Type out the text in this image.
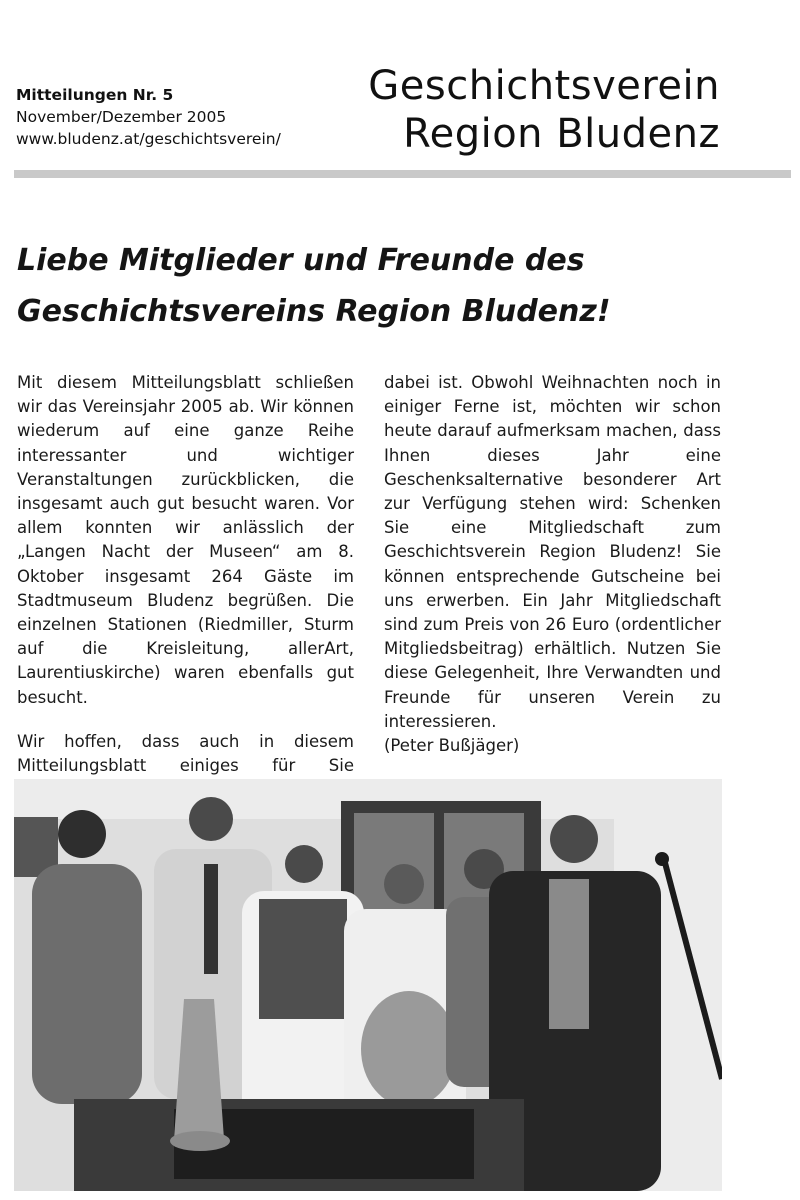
Mitteilungen Nr. 5
November/Dezember 2005
www.bludenz.at/geschichtsverein/
Geschichtsverein
Region Bludenz
Liebe Mitglieder und Freunde des
Geschichtsvereins Region Bludenz!

Mit diesem Mitteilungsblatt schließen wir das Vereinsjahr 2005 ab. Wir können wiederum auf eine ganze Reihe interessanter und wichtiger Veranstaltungen zurückblicken, die insgesamt auch gut besucht waren. Vor allem konnten wir anlässlich der „Langen Nacht der Museen“ am 8. Oktober insgesamt 264 Gäste im Stadtmuseum Bludenz begrüßen. Die einzelnen Stationen (Riedmiller, Sturm auf die Kreisleitung, allerArt, Laurentiuskirche) waren ebenfalls gut besucht.

Wir hoffen, dass auch in diesem Mitteilungsblatt einiges für Sie

dabei ist. Obwohl Weihnachten noch in einiger Ferne ist, möchten wir schon heute darauf aufmerksam machen, dass Ihnen dieses Jahr eine Geschenksalternative besonderer Art zur Verfügung stehen wird: Schenken Sie eine Mitgliedschaft zum Geschichtsverein Region Bludenz! Sie können entsprechende Gutscheine bei uns erwerben. Ein Jahr Mitgliedschaft sind zum Preis von 26 Euro (ordentlicher Mitgliedsbeitrag) erhältlich. Nutzen Sie diese Gelegenheit, Ihre Verwandten und Freunde für unseren Verein zu interessieren.

(Peter Bußjäger)
